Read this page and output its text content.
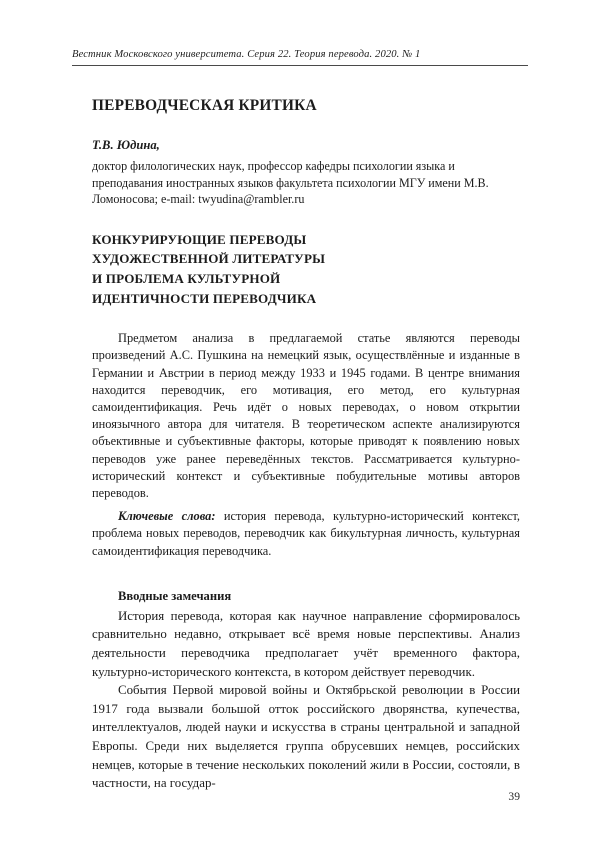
Вестник Московского университета. Серия 22. Теория перевода. 2020. № 1
ПЕРЕВОДЧЕСКАЯ КРИТИКА

Т.В. Юдина,

доктор филологических наук, профессор кафедры психологии языка и преподавания иностранных языков факультета психологии МГУ имени М.В. Ломоносова; e-mail: twyudina@rambler.ru

КОНКУРИРУЮЩИЕ ПЕРЕВОДЫ
ХУДОЖЕСТВЕННОЙ ЛИТЕРАТУРЫ
И ПРОБЛЕМА КУЛЬТУРНОЙ
ИДЕНТИЧНОСТИ ПЕРЕВОДЧИКА

Предметом анализа в предлагаемой статье являются переводы произведений А.С. Пушкина на немецкий язык, осуществлённые и изданные в Германии и Австрии в период между 1933 и 1945 годами. В центре внимания находится переводчик, его мотивация, его метод, его культурная самоидентификация. Речь идёт о новых переводах, о новом открытии иноязычного автора для читателя. В теоретическом аспекте анализируются объективные и субъективные факторы, которые приводят к появлению новых переводов уже ранее переведённых текстов. Рассматривается культурно-исторический контекст и субъективные побудительные мотивы авторов переводов.

Ключевые слова: история перевода, культурно-исторический контекст, проблема новых переводов, переводчик как бикультурная личность, культурная самоидентификация переводчика.

Вводные замечания

История перевода, которая как научное направление сформировалось сравнительно недавно, открывает всё время новые перспективы. Анализ деятельности переводчика предполагает учёт временного фактора, культурно-исторического контекста, в котором действует переводчик.

События Первой мировой войны и Октябрьской революции в России 1917 года вызвали большой отток российского дворянства, купечества, интеллектуалов, людей науки и искусства в страны центральной и западной Европы. Среди них выделяется группа обрусевших немцев, российских немцев, которые в течение нескольких поколений жили в России, состояли, в частности, на государ-

39
